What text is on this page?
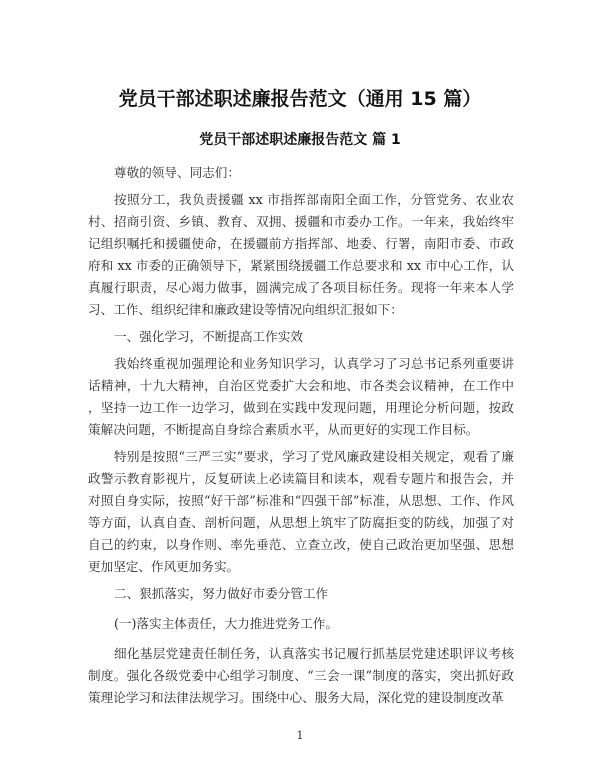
党员干部述职述廉报告范文（通用 15 篇）
党员干部述职述廉报告范文 篇 1
尊敬的领导、同志们：
按照分工，我负责援疆 xx 市指挥部南阳全面工作，分管党务、农业农
村、招商引资、乡镇、教育、双拥、援疆和市委办工作。一年来，我始终牢
记组织嘱托和援疆使命，在援疆前方指挥部、地委、行署，南阳市委、市政
府和 xx 市委的正确领导下，紧紧围绕援疆工作总要求和 xx 市中心工作，认
真履行职责，尽心竭力做事，圆满完成了各项目标任务。现将一年来本人学
习、工作、组织纪律和廉政建设等情况向组织汇报如下：
一、强化学习，不断提高工作实效
我始终重视加强理论和业务知识学习，认真学习了习总书记系列重要讲
话精神，十九大精神，自治区党委扩大会和地、市各类会议精神，在工作中
，坚持一边工作一边学习，做到在实践中发现问题，用理论分析问题，按政
策解决问题，不断提高自身综合素质水平，从而更好的实现工作目标。
特别是按照“三严三实”要求，学习了党风廉政建设相关规定，观看了廉
政警示教育影视片，反复研读上必读篇目和读本，观看专题片和报告会，并
对照自身实际，按照“好干部”标准和“四强干部”标准，从思想、工作、作风
等方面，认真自查、剖析问题，从思想上筑牢了防腐拒变的防线，加强了对
自己的约束，以身作则、率先垂范、立查立改，使自己政治更加坚强、思想
更加坚定、作风更加务实。
二、狠抓落实，努力做好市委分管工作
(一)落实主体责任，大力推进党务工作。
细化基层党建责任制任务，认真落实书记履行抓基层党建述职评议考核
制度。强化各级党委中心组学习制度、“三会一课”制度的落实，突出抓好政
策理论学习和法律法规学习。围绕中心、服务大局，深化党的建设制度改革
1
